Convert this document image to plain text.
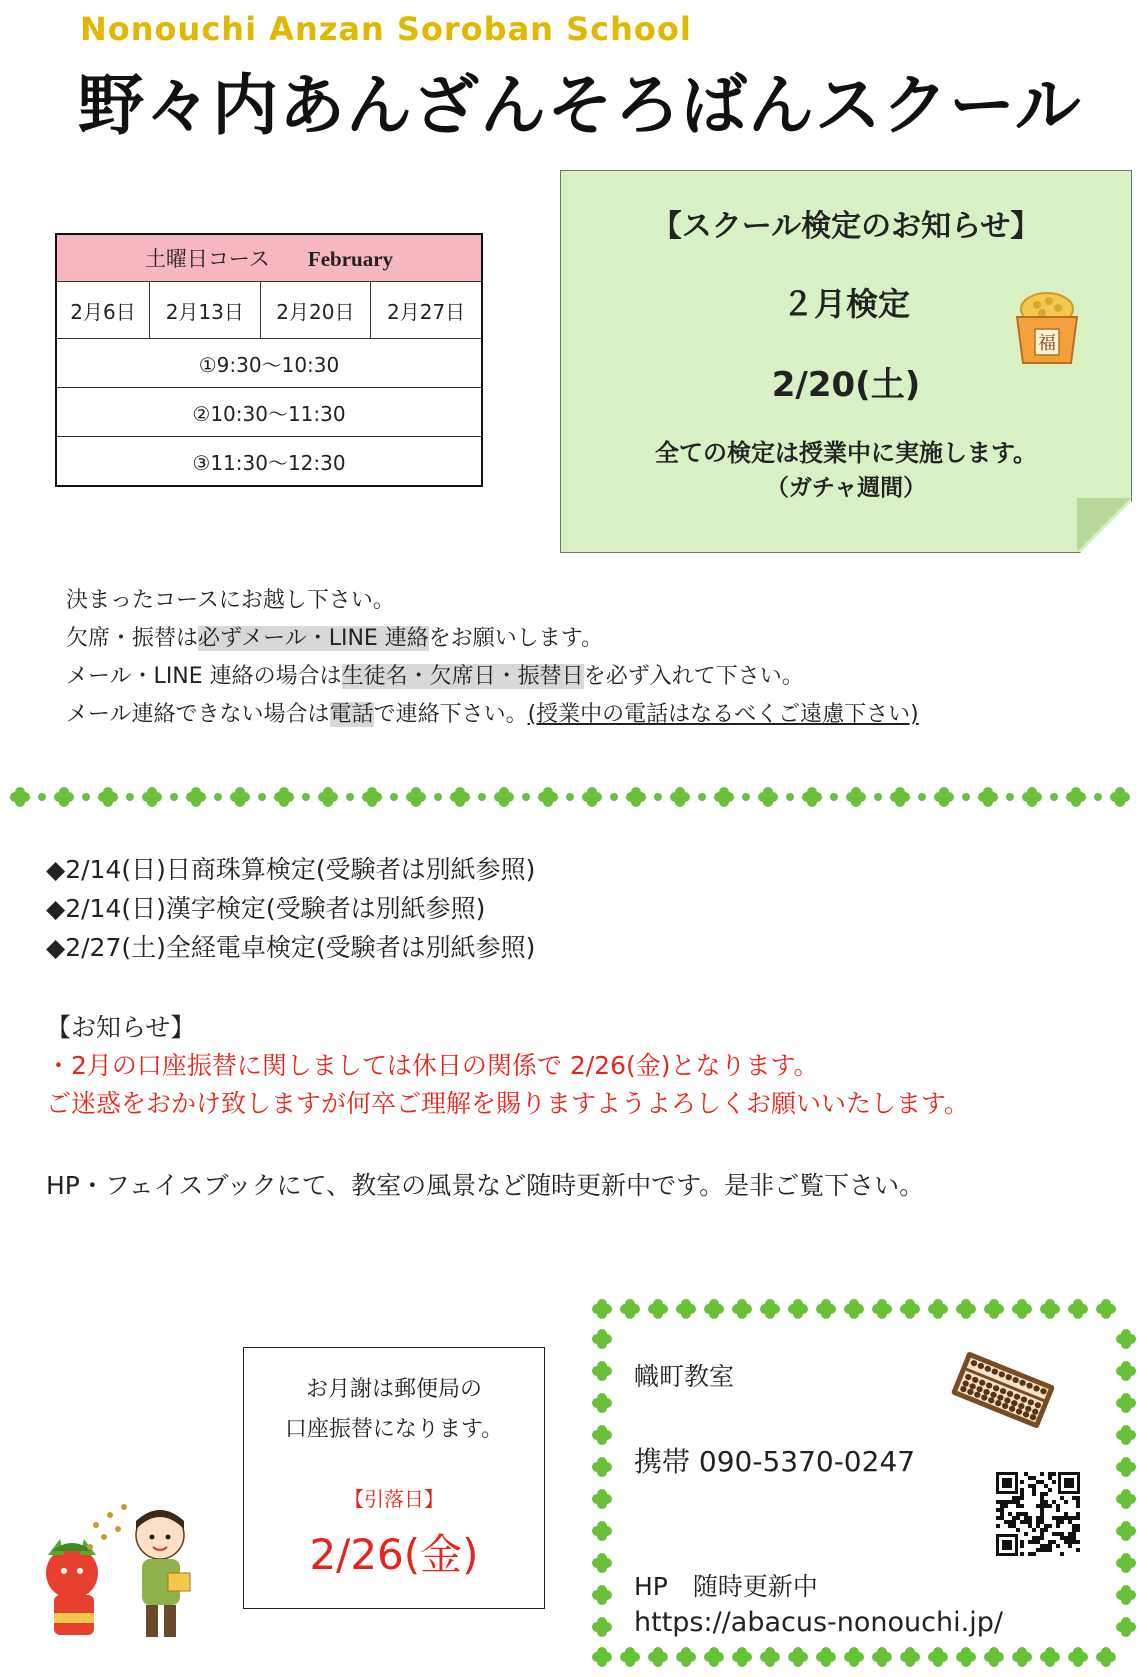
Nonouchi Anzan Soroban School
野々内あんざんそろばんスクール
土曜日コース February
2月6日	2月13日	2月20日	2月27日
①9:30～10:30
②10:30～11:30
③11:30～12:30
【スクール検定のお知らせ】
２月検定
2/20(土)
全ての検定は授業中に実施します。
（ガチャ週間）
福
決まったコースにお越し下さい。
欠席・振替は必ずメール・LINE 連絡をお願いします。
メール・LINE 連絡の場合は生徒名・欠席日・振替日を必ず入れて下さい。
メール連絡できない場合は電話で連絡下さい。(授業中の電話はなるべくご遠慮下さい)
◆2/14(日)日商珠算検定(受験者は別紙参照)
◆2/14(日)漢字検定(受験者は別紙参照)
◆2/27(土)全経電卓検定(受験者は別紙参照)
【お知らせ】
・2月の口座振替に関しましては休日の関係で 2/26(金)となります。
ご迷惑をおかけ致しますが何卒ご理解を賜りますようよろしくお願いいたします。
HP・フェイスブックにて、教室の風景など随時更新中です。是非ご覧下さい。
お月謝は郵便局の
口座振替になります。
【引落日】
2/26(金)
幟町教室
携帯 090-5370-0247
HP　随時更新中
https://abacus-nonouchi.jp/
